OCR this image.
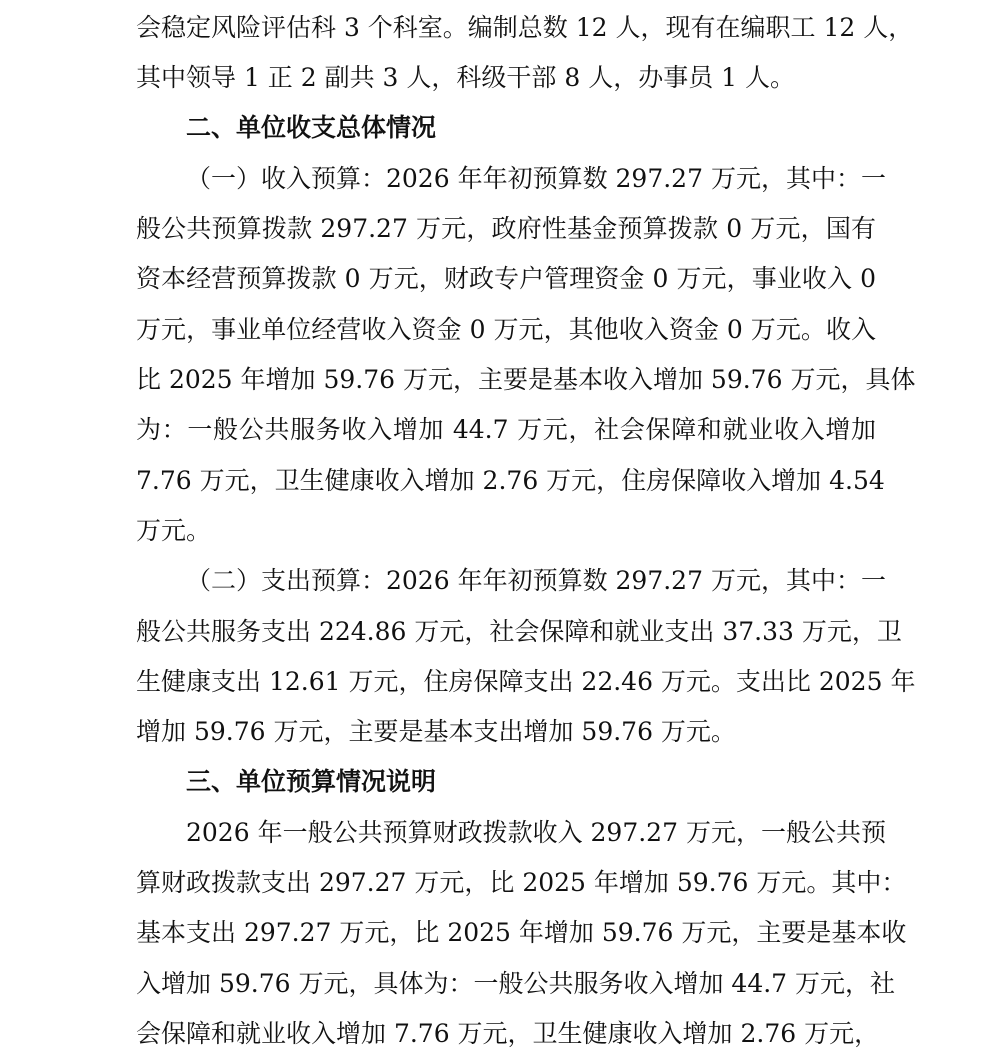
会稳定风险评估科 3 个科室。编制总数 12 人，现有在编职工 12 人，
其中领导 1 正 2 副共 3 人，科级干部 8 人，办事员 1 人。
二、单位收支总体情况
（一）收入预算：2026 年年初预算数 297.27 万元，其中：一
般公共预算拨款 297.27 万元，政府性基金预算拨款 0 万元，国有
资本经营预算拨款 0 万元，财政专户管理资金 0 万元，事业收入 0
万元，事业单位经营收入资金 0 万元，其他收入资金 0 万元。收入
比 2025 年增加 59.76 万元，主要是基本收入增加 59.76 万元，具体
为：一般公共服务收入增加 44.7 万元，社会保障和就业收入增加
7.76 万元，卫生健康收入增加 2.76 万元，住房保障收入增加 4.54
万元。
（二）支出预算：2026 年年初预算数 297.27 万元，其中：一
般公共服务支出 224.86 万元，社会保障和就业支出 37.33 万元，卫
生健康支出 12.61 万元，住房保障支出 22.46 万元。支出比 2025 年
增加 59.76 万元，主要是基本支出增加 59.76 万元。
三、单位预算情况说明
2026 年一般公共预算财政拨款收入 297.27 万元，一般公共预
算财政拨款支出 297.27 万元，比 2025 年增加 59.76 万元。其中：
基本支出 297.27 万元，比 2025 年增加 59.76 万元，主要是基本收
入增加 59.76 万元，具体为：一般公共服务收入增加 44.7 万元，社
会保障和就业收入增加 7.76 万元，卫生健康收入增加 2.76 万元，
